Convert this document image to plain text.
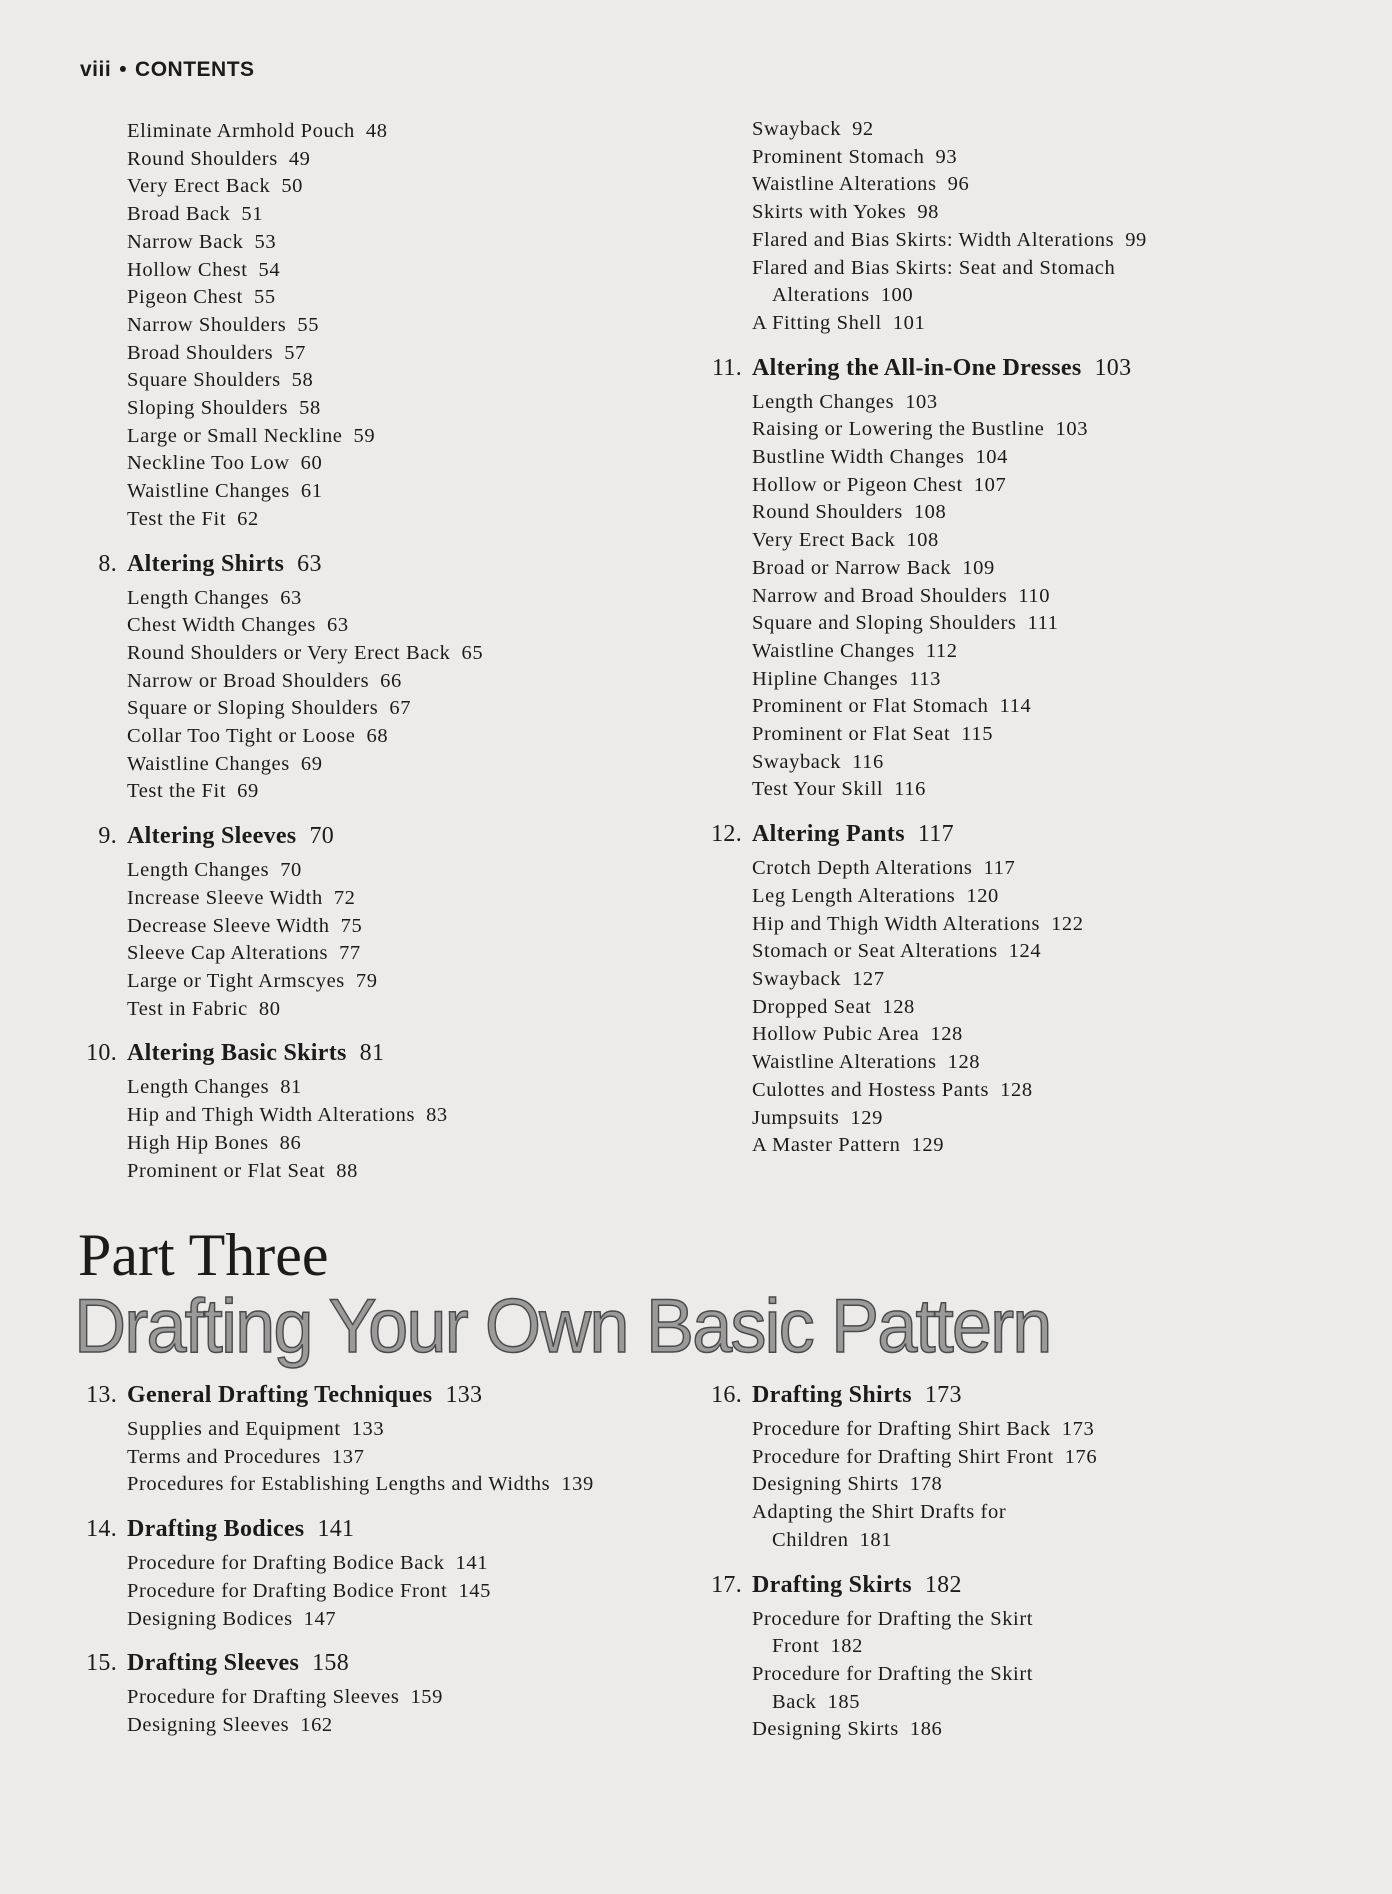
viii • CONTENTS
Eliminate Armhold Pouch 48
Round Shoulders 49
Very Erect Back 50
Broad Back 51
Narrow Back 53
Hollow Chest 54
Pigeon Chest 55
Narrow Shoulders 55
Broad Shoulders 57
Square Shoulders 58
Sloping Shoulders 58
Large or Small Neckline 59
Neckline Too Low 60
Waistline Changes 61
Test the Fit 62
8. Altering Shirts 63
Length Changes 63
Chest Width Changes 63
Round Shoulders or Very Erect Back 65
Narrow or Broad Shoulders 66
Square or Sloping Shoulders 67
Collar Too Tight or Loose 68
Waistline Changes 69
Test the Fit 69
9. Altering Sleeves 70
Length Changes 70
Increase Sleeve Width 72
Decrease Sleeve Width 75
Sleeve Cap Alterations 77
Large or Tight Armscyes 79
Test in Fabric 80
10. Altering Basic Skirts 81
Length Changes 81
Hip and Thigh Width Alterations 83
High Hip Bones 86
Prominent or Flat Seat 88
Swayback 92
Prominent Stomach 93
Waistline Alterations 96
Skirts with Yokes 98
Flared and Bias Skirts: Width Alterations 99
Flared and Bias Skirts: Seat and Stomach
Alterations 100
A Fitting Shell 101
11. Altering the All-in-One Dresses 103
Length Changes 103
Raising or Lowering the Bustline 103
Bustline Width Changes 104
Hollow or Pigeon Chest 107
Round Shoulders 108
Very Erect Back 108
Broad or Narrow Back 109
Narrow and Broad Shoulders 110
Square and Sloping Shoulders 111
Waistline Changes 112
Hipline Changes 113
Prominent or Flat Stomach 114
Prominent or Flat Seat 115
Swayback 116
Test Your Skill 116
12. Altering Pants 117
Crotch Depth Alterations 117
Leg Length Alterations 120
Hip and Thigh Width Alterations 122
Stomach or Seat Alterations 124
Swayback 127
Dropped Seat 128
Hollow Pubic Area 128
Waistline Alterations 128
Culottes and Hostess Pants 128
Jumpsuits 129
A Master Pattern 129
Part Three
Drafting Your Own Basic Pattern
13. General Drafting Techniques 133
Supplies and Equipment 133
Terms and Procedures 137
Procedures for Establishing Lengths and Widths 139
14. Drafting Bodices 141
Procedure for Drafting Bodice Back 141
Procedure for Drafting Bodice Front 145
Designing Bodices 147
15. Drafting Sleeves 158
Procedure for Drafting Sleeves 159
Designing Sleeves 162
16. Drafting Shirts 173
Procedure for Drafting Shirt Back 173
Procedure for Drafting Shirt Front 176
Designing Shirts 178
Adapting the Shirt Drafts for
Children 181
17. Drafting Skirts 182
Procedure for Drafting the Skirt
Front 182
Procedure for Drafting the Skirt
Back 185
Designing Skirts 186
